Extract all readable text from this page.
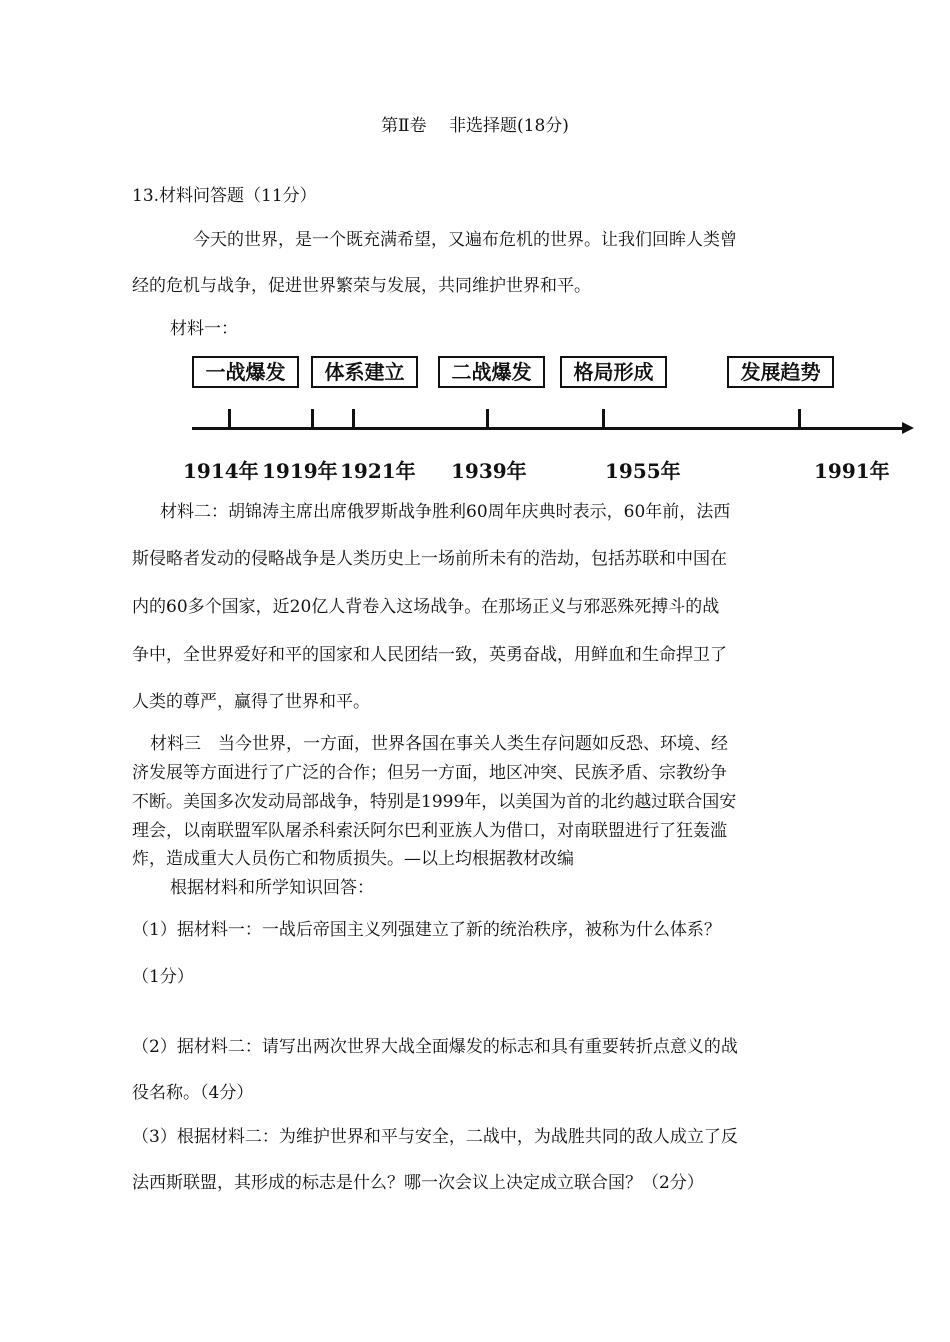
第Ⅱ卷　 非选择题(18分)
13.材料问答题（11分）
今天的世界，是一个既充满希望，又遍布危机的世界。让我们回眸人类曾
经的危机与战争，促进世界繁荣与发展，共同维护世界和平。
材料一：
一战爆发	体系建立	二战爆发	格局形成	发展趋势
1914年 1919年 1921年 1939年	1955年	1991年
材料二：胡锦涛主席出席俄罗斯战争胜利60周年庆典时表示，60年前，法西
斯侵略者发动的侵略战争是人类历史上一场前所未有的浩劫，包括苏联和中国在
内的60多个国家，近20亿人背卷入这场战争。在那场正义与邪恶殊死搏斗的战
争中，全世界爱好和平的国家和人民团结一致，英勇奋战，用鲜血和生命捍卫了
人类的尊严，赢得了世界和平。
材料三　当今世界，一方面，世界各国在事关人类生存问题如反恐、环境、经
济发展等方面进行了广泛的合作；但另一方面，地区冲突、民族矛盾、宗教纷争
不断。美国多次发动局部战争，特别是1999年，以美国为首的北约越过联合国安
理会，以南联盟军队屠杀科索沃阿尔巴利亚族人为借口，对南联盟进行了狂轰滥
炸，造成重大人员伤亡和物质损失。—以上均根据教材改编
根据材料和所学知识回答：
（1）据材料一：一战后帝国主义列强建立了新的统治秩序，被称为什么体系？
（1分）
（2）据材料二：请写出两次世界大战全面爆发的标志和具有重要转折点意义的战
役名称。（4分）
（3）根据材料二：为维护世界和平与安全，二战中，为战胜共同的敌人成立了反
法西斯联盟，其形成的标志是什么？哪一次会议上决定成立联合国？（2分）
